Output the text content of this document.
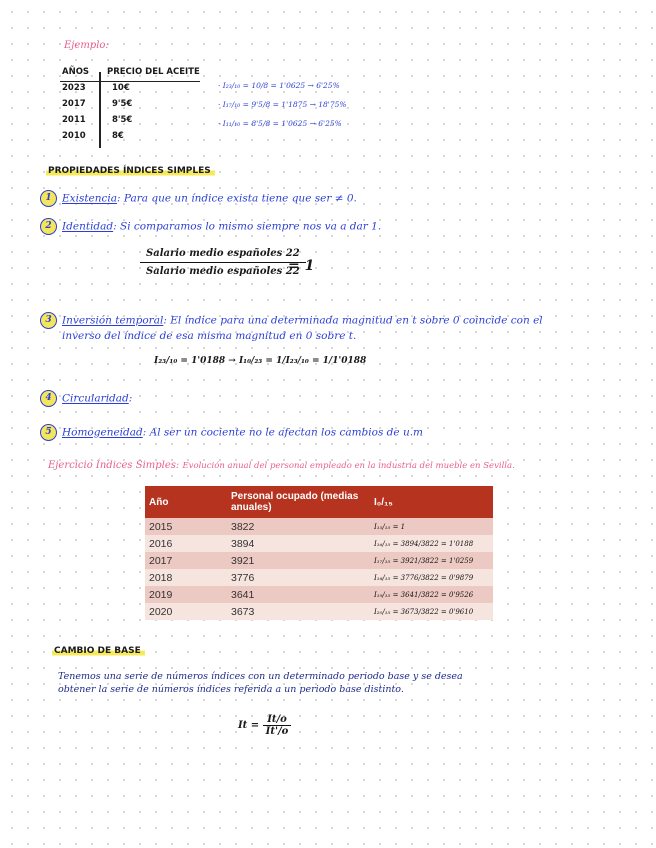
Ejemplo:
AÑOS PRECIO DEL ACEITE
2023	10€
2017	9'5€
2011	8'5€
2010	8€
· I₂₃/₁₀ = 10/8 = 1'0625 → 6'25%
· I₁₇/₁₀ = 9'5/8 = 1'1875 → 18'75%
· I₁₁/₁₀ = 8'5/8 = 1'0625 → 6'25%
PROPIEDADES ÍNDICES SIMPLES
1 Existencia: Para que un índice exista tiene que ser ≠ 0.
2 Identidad: Si comparamos lo mismo siempre nos va a dar 1.
Salario medio españoles 22
Salario medio españoles 22
= 1
3 Inversión temporal: El índice para una determinada magnitud en t sobre 0 coincide con el
inverso del índice de esa misma magnitud en 0 sobre t.
I₂₃/₁₀ = 1'0188 → I₁₀/₂₃ = 1/I₂₃/₁₀ = 1/1'0188
4 Circularidad:
5 Homogeneidad: Al ser un cociente no le afectan los cambios de u.m
Ejercicio Índices Simples: Evolución anual del personal empleado en la industria del mueble en Sevilla.
Año	Personal ocupado (medias anuales)	I₀/₁₅
2015	3822	I₁₅/₁₅ = 1
2016	3894	I₁₆/₁₅ = 3894/3822 = 1'0188
2017	3921	I₁₇/₁₅ = 3921/3822 = 1'0259
2018	3776	I₁₈/₁₅ = 3776/3822 = 0'9879
2019	3641	I₁₉/₁₅ = 3641/3822 = 0'9526
2020	3673	I₂₀/₁₅ = 3673/3822 = 0'9610
CAMBIO DE BASE
Tenemos una serie de números índices con un determinado periodo base y se desea
obtener la serie de números índices referida a un periodo base distinto.
$It = \frac{It/o}{It'/o}$
